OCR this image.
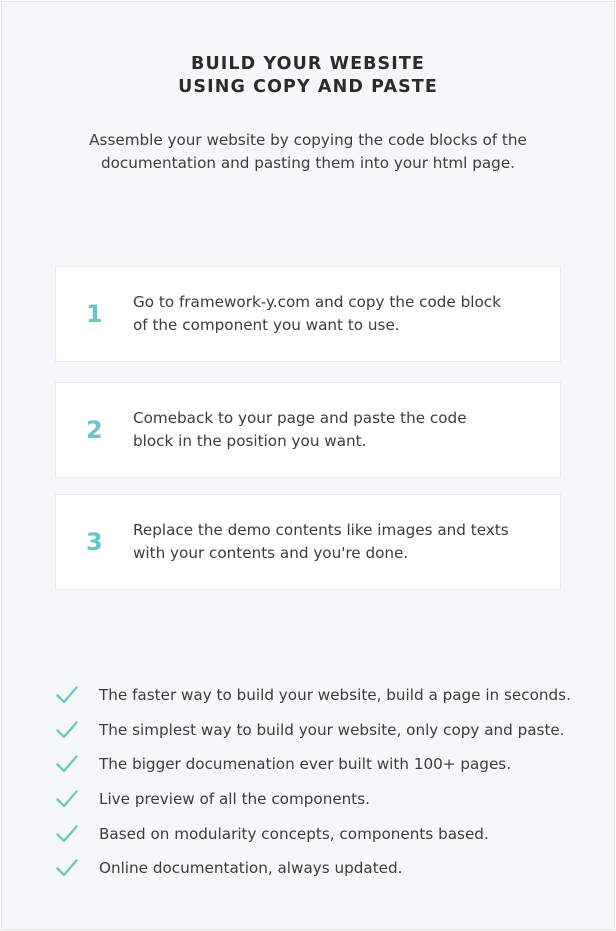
BUILD YOUR WEBSITE
USING COPY AND PASTE

Assemble your website by copying the code blocks of the

documentation and pasting them into your html page.

1 Go to framework-y.com and copy the code block
of the component you want to use.
2 Comeback to your page and paste the code
block in the position you want.
3 Replace the demo contents like images and texts
with your contents and you're done.
The faster way to build your website, build a page in seconds.
The simplest way to build your website, only copy and paste.
The bigger documenation ever built with 100+ pages.
Live preview of all the components.
Based on modularity concepts, components based.
Online documentation, always updated.
